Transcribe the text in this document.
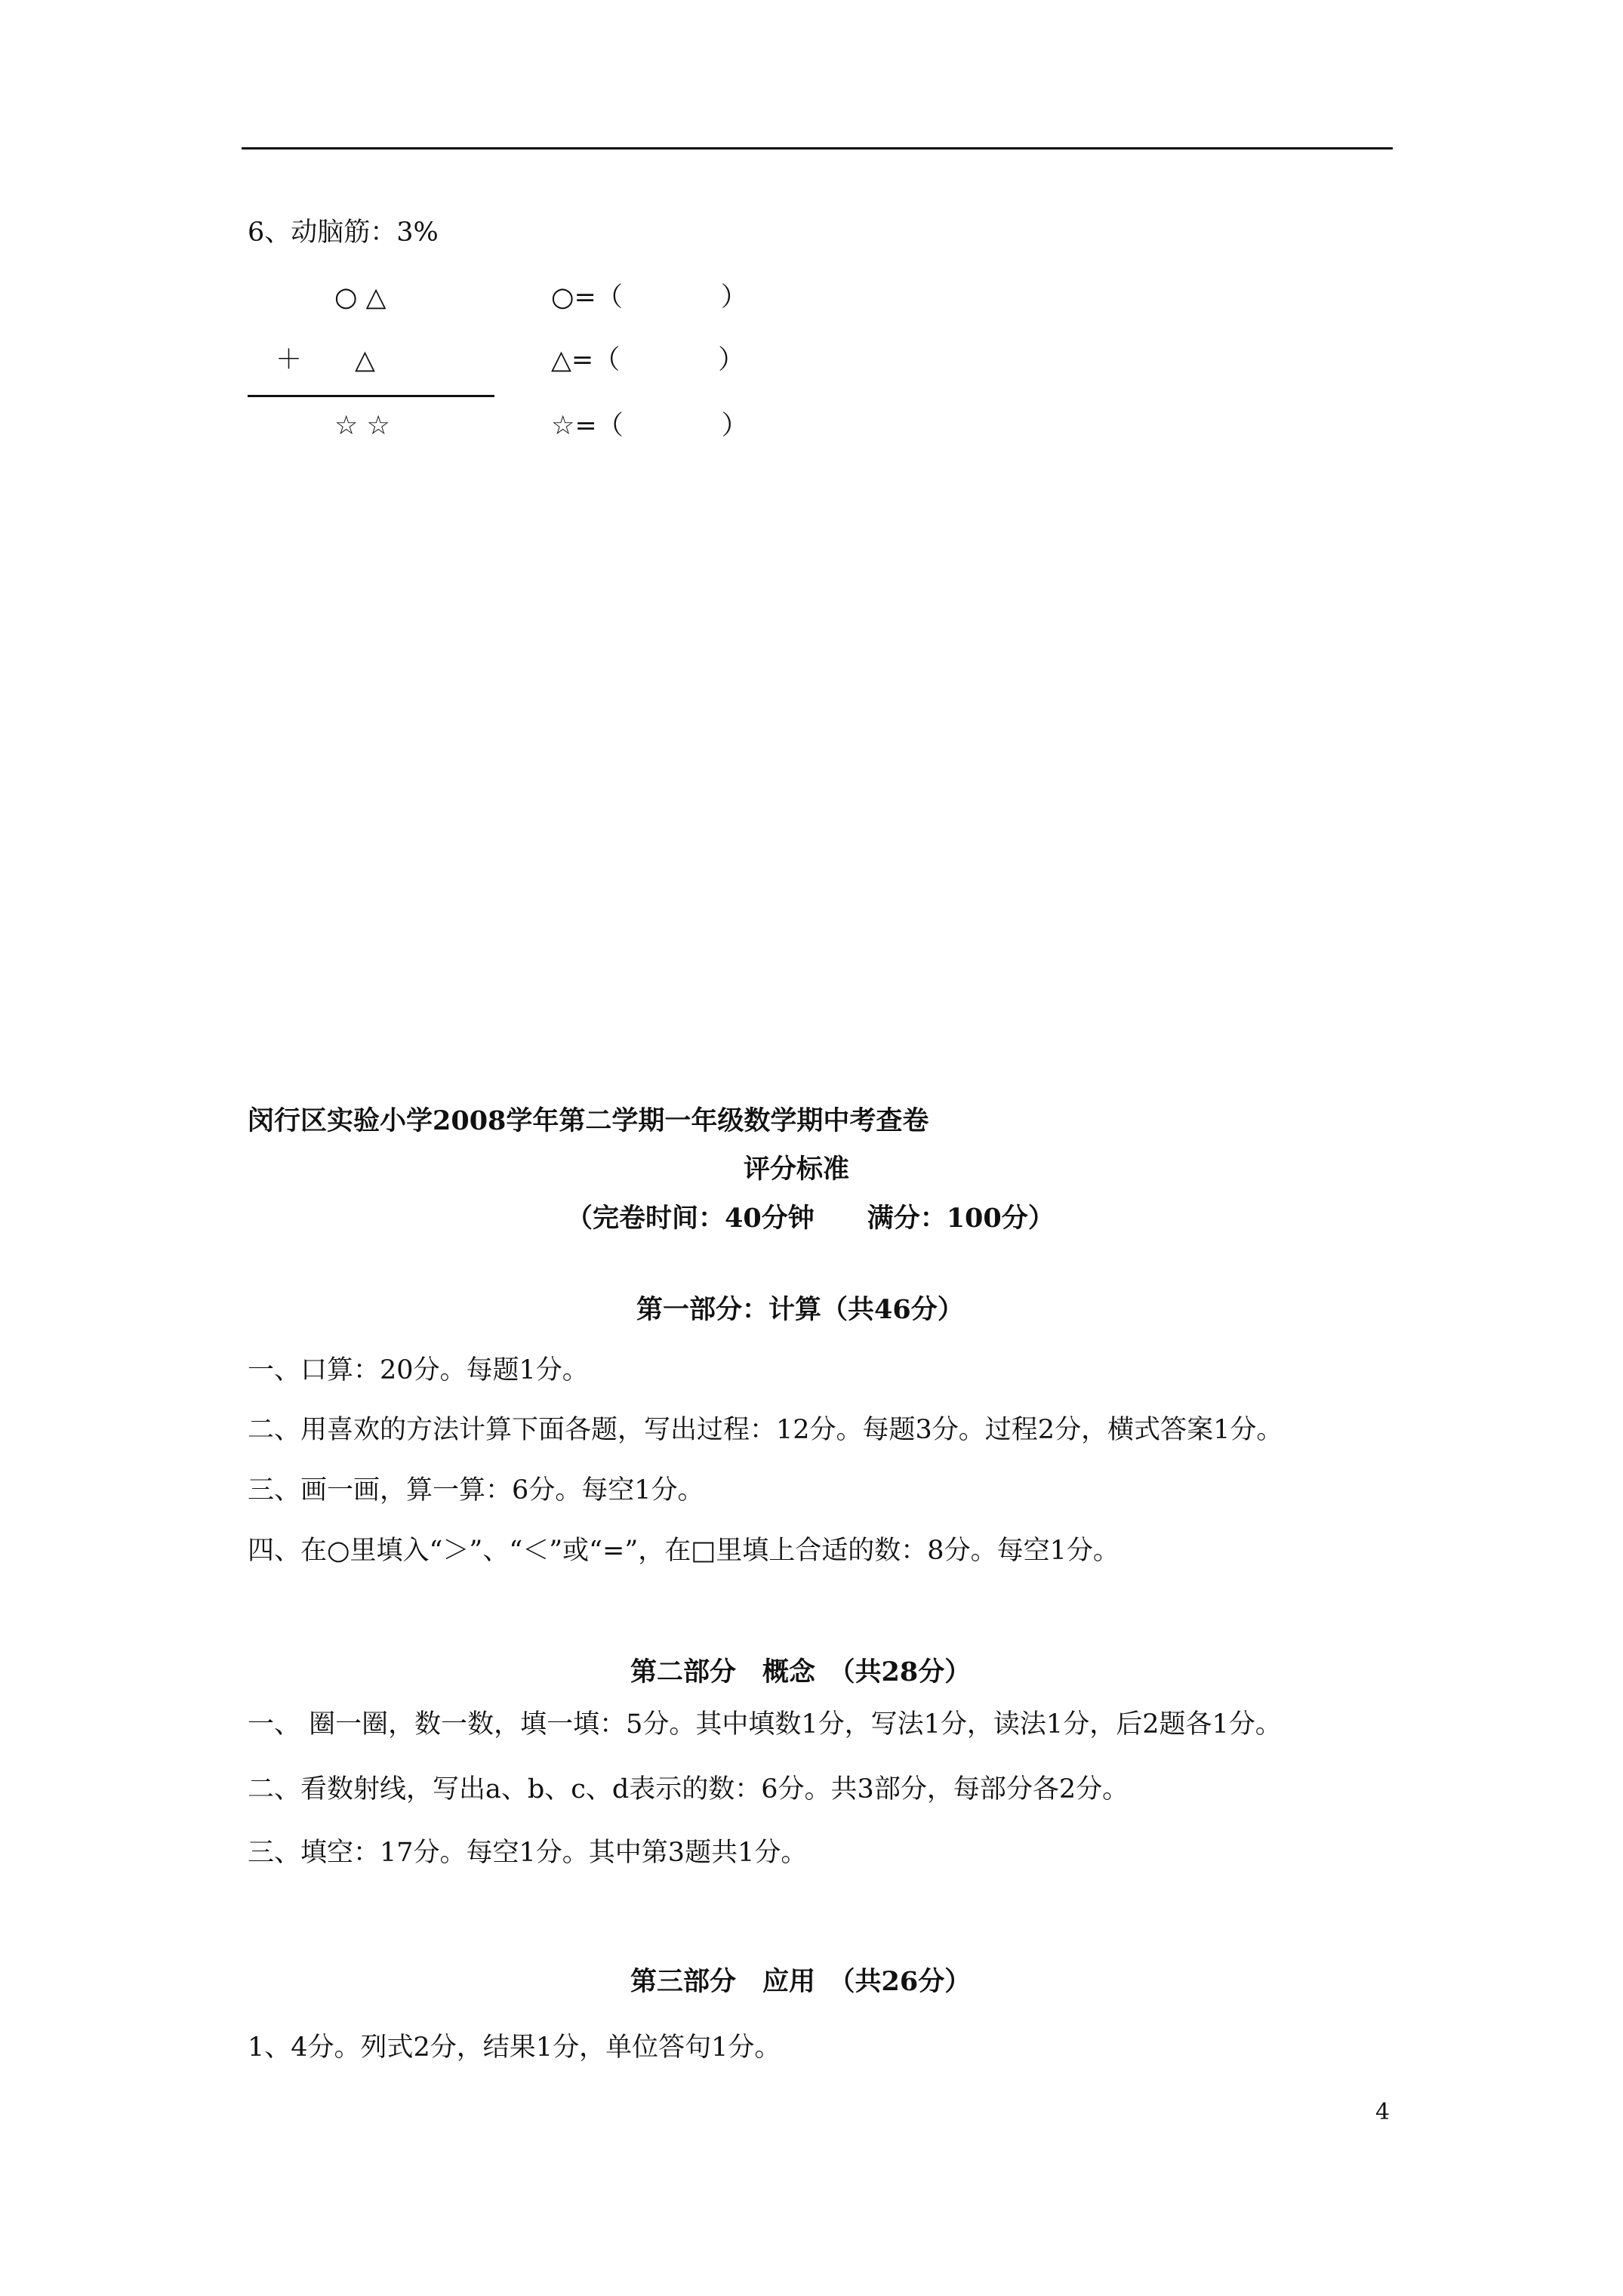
6、动脑筋：3%
○ △
＋　　△
☆ ☆
○=（	）
△=（	）
☆=（	）
闵行区实验小学2008学年第二学期一年级数学期中考查卷
评分标准
（完卷时间：40分钟　　满分：100分）
第一部分：计算（共46分）
一、口算：20分。每题1分。
二、用喜欢的方法计算下面各题，写出过程：12分。每题3分。过程2分，横式答案1分。
三、画一画，算一算：6分。每空1分。
四、在○里填入“＞”、“＜”或“=”，在□里填上合适的数：8分。每空1分。
第二部分　概念　（共28分）
一、 圈一圈，数一数，填一填：5分。其中填数1分，写法1分，读法1分，后2题各1分。
二、看数射线，写出a、b、c、d表示的数：6分。共3部分，每部分各2分。
三、填空：17分。每空1分。其中第3题共1分。
第三部分　应用　（共26分）
1、4分。列式2分，结果1分，单位答句1分。
4
